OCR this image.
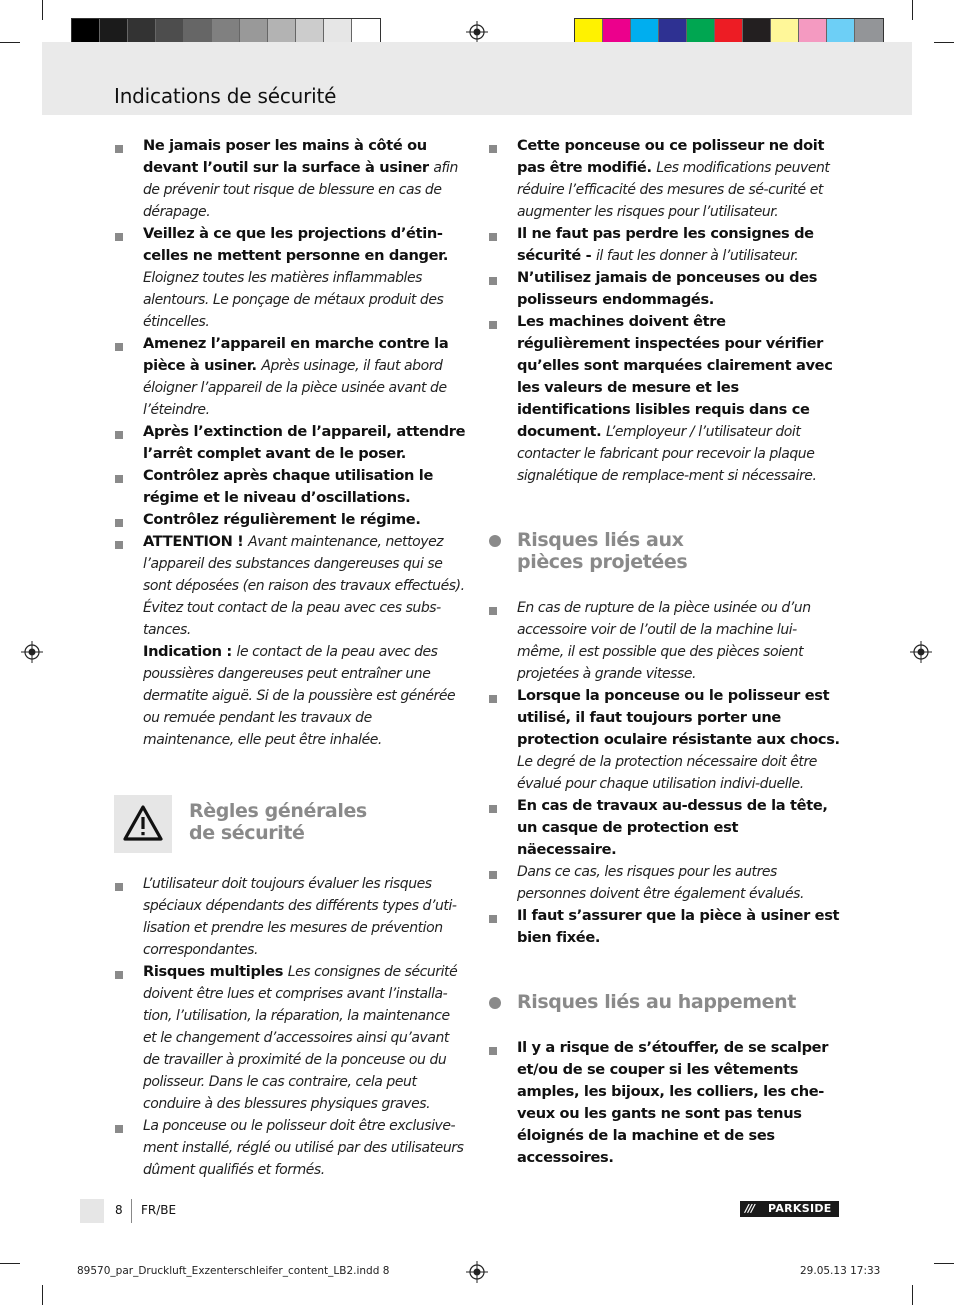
Indications de sécurité
Ne jamais poser les mains à côté ou devant l’outil sur la surface à usiner afin de prévenir tout risque de blessure en cas de dérapage.
Veillez à ce que les projections d’étin-celles ne mettent personne en danger. Eloignez toutes les matières inflammables alentours. Le ponçage de métaux produit des étincelles.
Amenez l’appareil en marche contre la pièce à usiner. Après usinage, il faut abord éloigner l’appareil de la pièce usinée avant de l’éteindre.
Après l’extinction de l’appareil, attendre l’arrêt complet avant de le poser.
Contrôlez après chaque utilisation le régime et le niveau d’oscillations.
Contrôlez régulièrement le régime.
ATTENTION ! Avant maintenance, nettoyez l’appareil des substances dangereuses qui se sont déposées (en raison des travaux effectués). Évitez tout contact de la peau avec ces subs-tances.
Indication : le contact de la peau avec des poussières dangereuses peut entraîner une dermatite aiguë. Si de la poussière est générée ou remuée pendant les travaux de maintenance, elle peut être inhalée.
Règles générales
de sécurité
L’utilisateur doit toujours évaluer les risques spéciaux dépendants des différents types d’uti-lisation et prendre les mesures de prévention correspondantes.
Risques multiples Les consignes de sécurité doivent être lues et comprises avant l’installa-tion, l’utilisation, la réparation, la maintenance et le changement d’accessoires ainsi qu’avant de travailler à proximité de la ponceuse ou du polisseur. Dans le cas contraire, cela peut conduire à des blessures physiques graves.
La ponceuse ou le polisseur doit être exclusive-ment installé, réglé ou utilisé par des utilisateurs dûment qualifiés et formés.
Cette ponceuse ou ce polisseur ne doit pas être modifié. Les modifications peuvent réduire l’efficacité des mesures de sé-curité et augmenter les risques pour l’utilisateur.
Il ne faut pas perdre les consignes de sécurité - il faut les donner à l’utilisateur.
N’utilisez jamais de ponceuses ou des polisseurs endommagés.
Les machines doivent être régulièrement inspectées pour vérifier qu’elles sont marquées clairement avec les valeurs de mesure et les identifications lisibles requis dans ce document. L’employeur / l’utilisateur doit contacter le fabricant pour recevoir la plaque signalétique de remplace-ment si nécessaire.
Risques liés aux
pièces projetées
En cas de rupture de la pièce usinée ou d’un accessoire voir de l’outil de la machine lui-même, il est possible que des pièces soient projetées à grande vitesse.
Lorsque la ponceuse ou le polisseur est utilisé, il faut toujours porter une protection oculaire résistante aux chocs. Le degré de la protection nécessaire doit être évalué pour chaque utilisation indivi-duelle.
En cas de travaux au-dessus de la tête, un casque de protection est näecessaire.
Dans ce cas, les risques pour les autres personnes doivent être également évalués.
Il faut s’assurer que la pièce à usiner est bien fixée.
Risques liés au happement
Il y a risque de s’étouffer, de se scalper et/ou de se couper si les vêtements amples, les bijoux, les colliers, les che-veux ou les gants ne sont pas tenus éloignés de la machine et de ses accessoires.
8 FR/BE	/// PARKSIDE
89570_par_Druckluft_Exzenterschleifer_content_LB2.indd 8	29.05.13 17:33
